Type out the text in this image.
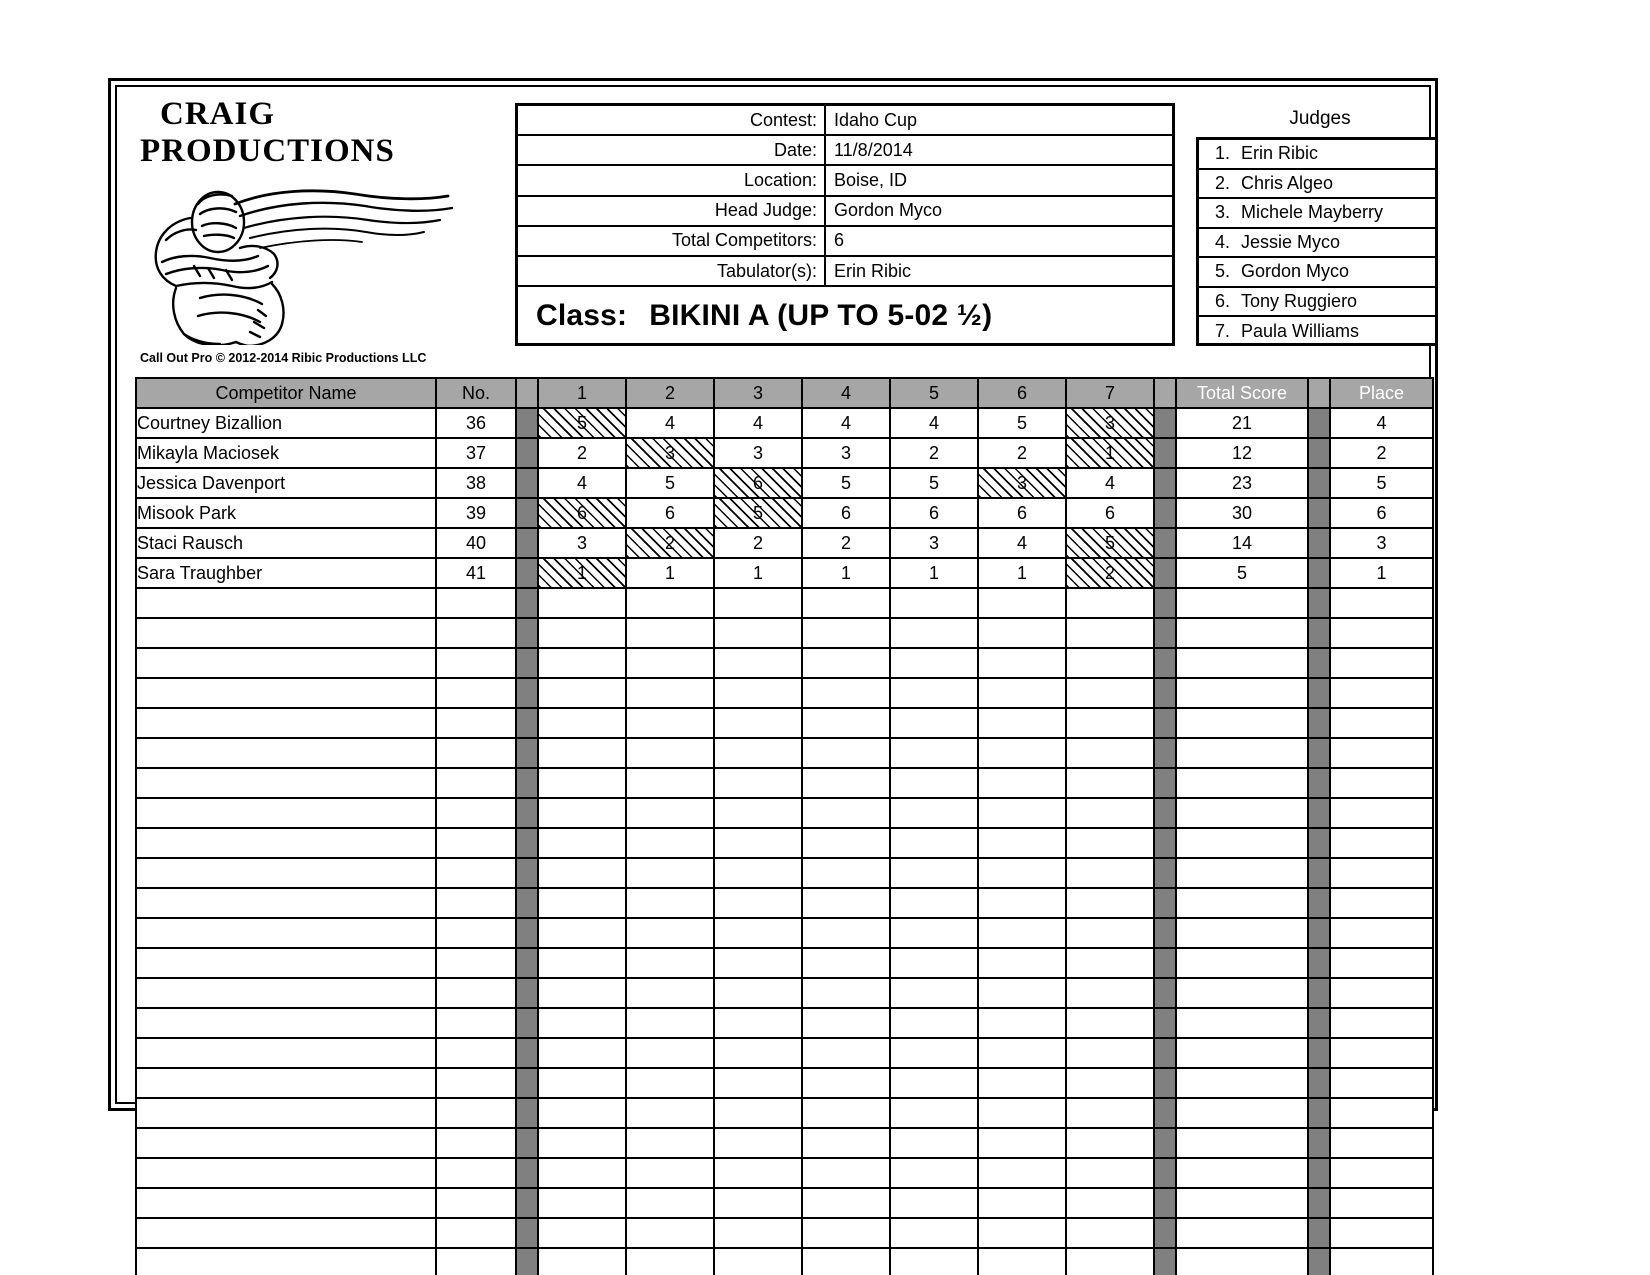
CRAIG
PRODUCTIONS
Call Out Pro © 2012-2014 Ribic Productions LLC
Contest: Idaho Cup
Date: 11/8/2014
Location: Boise, ID
Head Judge: Gordon Myco
Total Competitors: 6
Tabulator(s): Erin Ribic
Class: BIKINI A (UP TO 5-02 ½)
Judges
1. Erin Ribic
2. Chris Algeo
3. Michele Mayberry
4. Jessie Myco
5. Gordon Myco
6. Tony Ruggiero
7. Paula Williams
Competitor Name	No.		1	2	3	4	5	6	7		Total Score		Place
Courtney Bizallion	36		5	4	4	4	4	5	3		21		4
Mikayla Maciosek	37		2	3	3	3	2	2	1		12		2
Jessica Davenport	38		4	5	6	5	5	3	4		23		5
Misook Park	39		6	6	5	6	6	6	6		30		6
Staci Rausch	40		3	2	2	2	3	4	5		14		3
Sara Traughber	41		1	1	1	1	1	1	2		5		1
